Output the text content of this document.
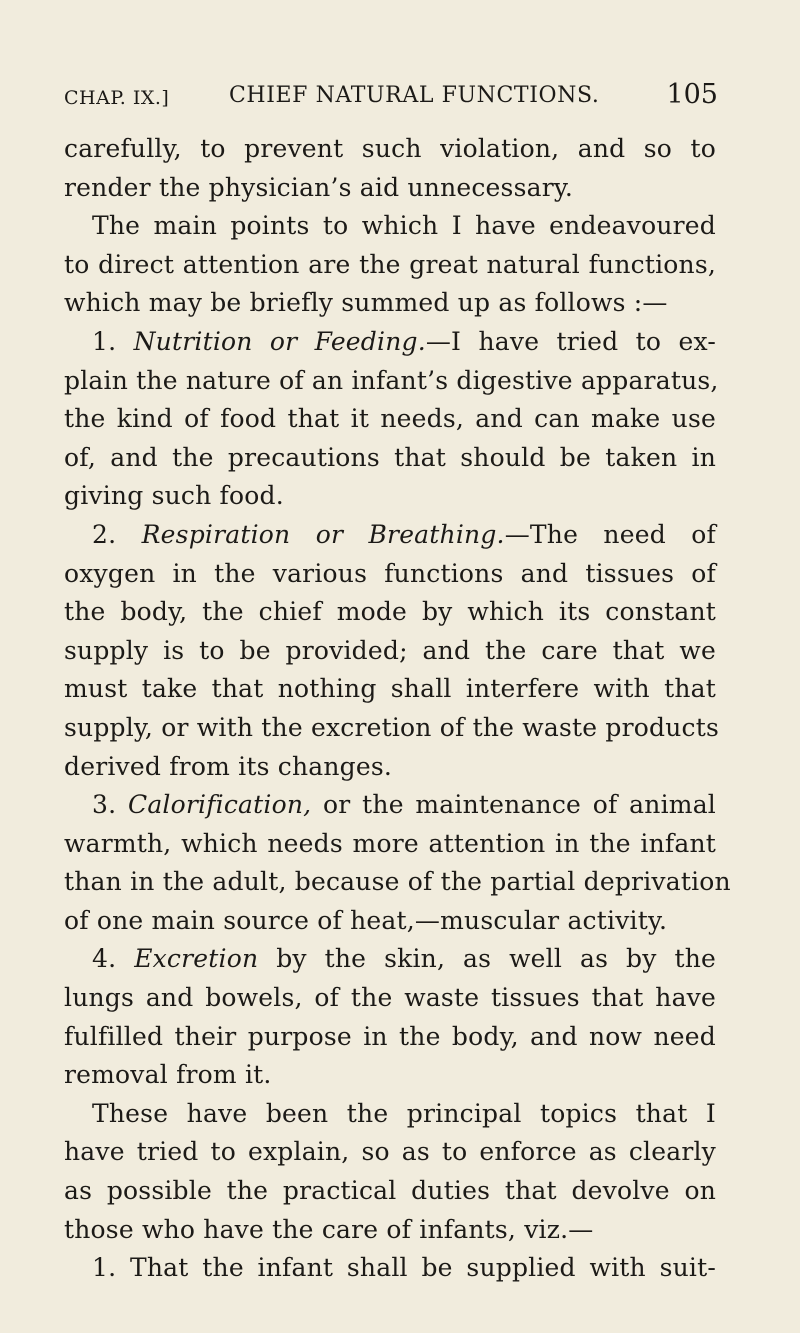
CHAP. IX.]	CHIEF NATURAL FUNCTIONS. 105
carefully, to prevent such violation, and so to
render the physician’s aid unnecessary.
The main points to which I have endeavoured
to direct attention are the great natural functions,
which may be briefly summed up as follows :—
1. Nutrition or Feeding.—I have tried to ex-
plain the nature of an infant’s digestive apparatus,
the kind of food that it needs, and can make use
of, and the precautions that should be taken in
giving such food.
2. Respiration or Breathing.—The need of
oxygen in the various functions and tissues of
the body, the chief mode by which its constant
supply is to be provided; and the care that we
must take that nothing shall interfere with that
supply, or with the excretion of the waste products
derived from its changes.
3. Calorification, or the maintenance of animal
warmth, which needs more attention in the infant
than in the adult, because of the partial deprivation
of one main source of heat,—muscular activity.
4. Excretion by the skin, as well as by the
lungs and bowels, of the waste tissues that have
fulfilled their purpose in the body, and now need
removal from it.
These have been the principal topics that I
have tried to explain, so as to enforce as clearly
as possible the practical duties that devolve on
those who have the care of infants, viz.—
1. That the infant shall be supplied with suit-
